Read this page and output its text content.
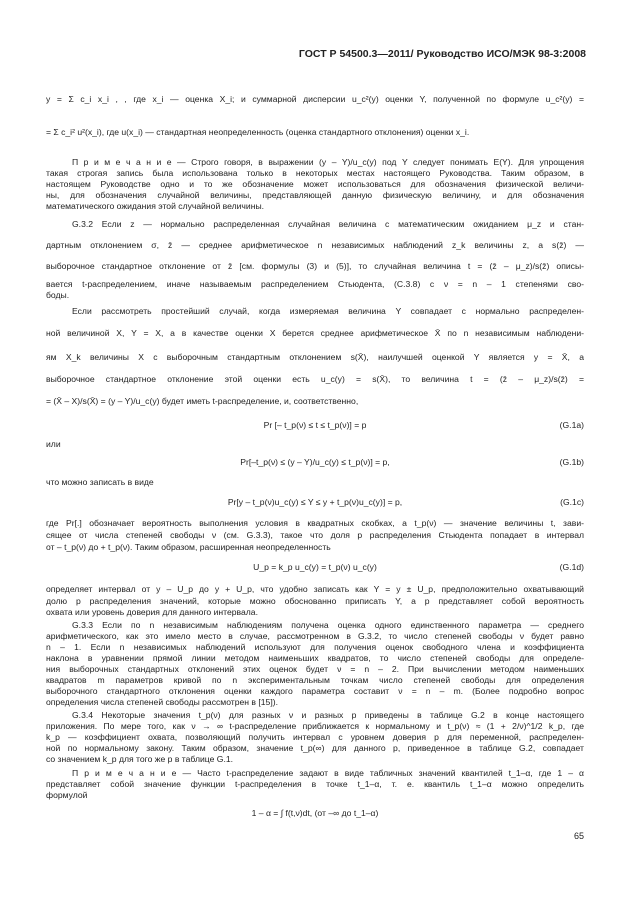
ГОСТ Р 54500.3—2011/ Руководство ИСО/МЭК 98-3:2008
y = Σ c_i x_i , , где x_i — оценка X_i; и суммарной дисперсии u_c²(y) оценки Y, полученной по формуле u_c²(y) =
= Σ c_i² u²(x_i), где u(x_i) — стандартная неопределенность (оценка стандартного отклонения) оценки x_i.
П р и м е ч а н и е — Строго говоря, в выражении (y – Y)/u_c(y) под Y следует понимать E(Y). Для упрощения
такая строгая запись была использована только в некоторых местах настоящего Руководства. Таким образом, в
настоящем Руководстве одно и то же обозначение может использоваться для обозначения физической величи-
ны, для обозначения случайной величины, представляющей данную физическую величину, и для обозначения
математического ожидания этой случайной величины.
G.3.2 Если z — нормально распределенная случайная величина с математическим ожиданием μ_z и стан-
дартным отклонением σ, z̄ — среднее арифметическое n независимых наблюдений z_k величины z, а s(z̄) —
выборочное стандартное отклонение от z̄ [см. формулы (3) и (5)], то случайная величина t = (z̄ – μ_z)/s(z̄) описы-
вается t-распределением, иначе называемым распределением Стьюдента, (С.3.8) с ν = n – 1 степенями сво-
боды.
Если рассмотреть простейший случай, когда измеряемая величина Y совпадает с нормально распределен-
ной величиной X, Y = X, а в качестве оценки X берется среднее арифметическое X̄ по n независимым наблюдени-
ям X_k величины X с выборочным стандартным отклонением s(X̄), наилучшей оценкой Y является y = X̄, а
выборочное стандартное отклонение этой оценки есть u_c(y) = s(X̄), то величина t = (z̄ – μ_z)/s(z̄) =
= (X̄ – X)/s(X̄) = (y – Y)/u_c(y) будет иметь t-распределение, и, соответственно,
Pr [– t_p(ν) ≤ t ≤ t_p(ν)] = p	(G.1a)
или
Pr[–t_p(ν) ≤ (y – Y)/u_c(y) ≤ t_p(ν)] = p,	(G.1b)
что можно записать в виде
Pr[y – t_p(ν)u_c(y) ≤ Y ≤ y + t_p(ν)u_c(y)] = p,	(G.1c)
где Pr[.] обозначает вероятность выполнения условия в квадратных скобках, а t_p(ν) — значение величины t, зави-
сящее от числа степеней свободы ν (см. G.3.3), такое что доля p распределения Стьюдента попадает в интервал
от – t_p(ν) до + t_p(ν). Таким образом, расширенная неопределенность
U_p = k_p u_c(y) = t_p(ν) u_c(y)	(G.1d)
определяет интервал от y – U_p до y + U_p, что удобно записать как Y = y ± U_p, предположительно охватывающий
долю p распределения значений, которые можно обоснованно приписать Y, а p представляет собой вероятность
охвата или уровень доверия для данного интервала.
G.3.3 Если по n независимым наблюдениям получена оценка одного единственного параметра — среднего
арифметического, как это имело место в случае, рассмотренном в G.3.2, то число степеней свободы ν будет равно
n – 1. Если n независимых наблюдений используют для получения оценок свободного члена и коэффициента
наклона в уравнении прямой линии методом наименьших квадратов, то число степеней свободы для определе-
ния выборочных стандартных отклонений этих оценок будет ν = n – 2. При вычислении методом наименьших
квадратов m параметров кривой по n экспериментальным точкам число степеней свободы для определения
выборочного стандартного отклонения оценки каждого параметра составит ν = n – m. (Более подробно вопрос
определения числа степеней свободы рассмотрен в [15]).
G.3.4 Некоторые значения t_p(ν) для разных ν и разных p приведены в таблице G.2 в конце настоящего
приложения. По мере того, как ν → ∞ t-распределение приближается к нормальному и t_p(ν) ≈ (1 + 2/ν)^1/2 k_p, где
k_p — коэффициент охвата, позволяющий получить интервал с уровнем доверия p для переменной, распределен-
ной по нормальному закону. Таким образом, значение t_p(∞) для данного p, приведенное в таблице G.2, совпадает
со значением k_p для того же p в таблице G.1.
П р и м е ч а н и е — Часто t-распределение задают в виде табличных значений квантилей t_1–α, где 1 – α
представляет собой значение функции t-распределения в точке t_1–α, т. е. квантиль t_1–α можно определить
формулой
1 – α = ∫ f(t,ν)dt, (от –∞ до t_1–α)
65
